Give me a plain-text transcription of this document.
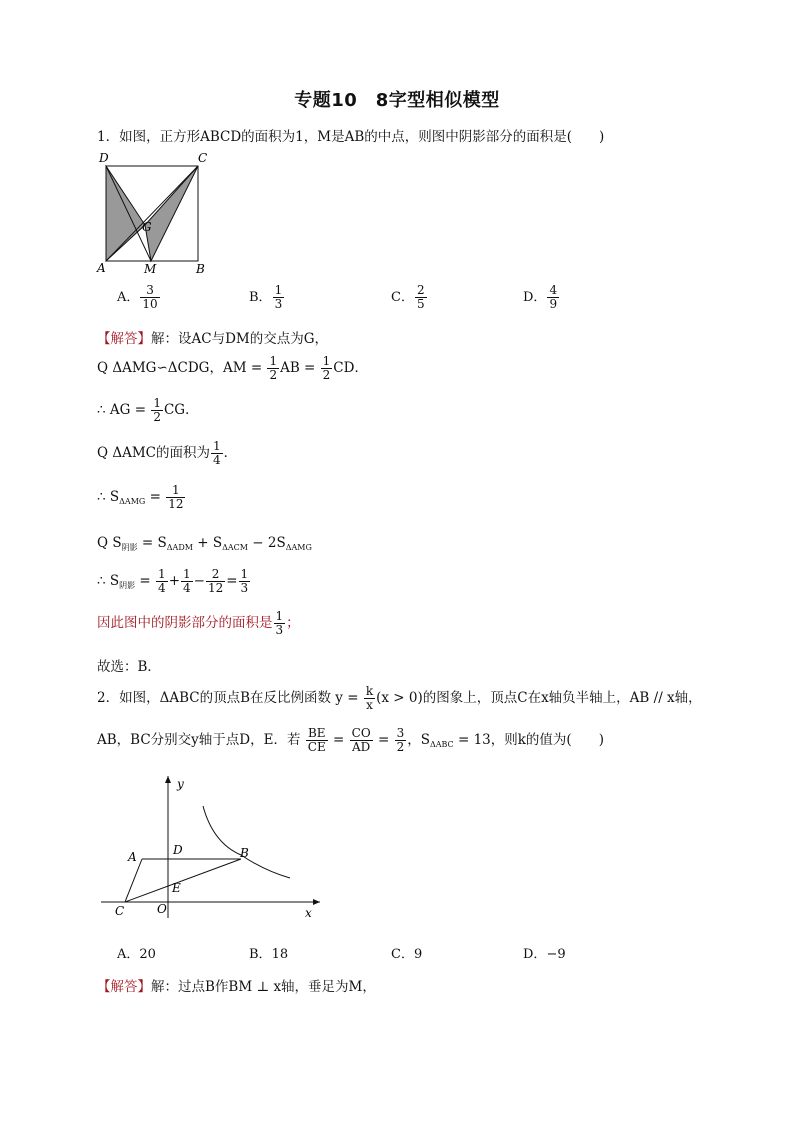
专题10　8字型相似模型
1．如图，正方形ABCD的面积为1，M是AB的中点，则图中阴影部分的面积是(　　)
D	C
A	M	B
G
A． $\frac{3}{10}$	B． $\frac{1}{3}$	C． $\frac{2}{5}$	D． $\frac{4}{9}$
【解答】解：设AC与DM的交点为G，
Q ΔAMG∽ΔCDG，AM = $\frac{1}{2}$ AB = $\frac{1}{2}$ CD．
∴ AG = $\frac{1}{2}$ CG．
Q ΔAMC的面积为 $\frac{1}{4}$ ．
∴ $S_{\Delta AMG} = \frac{1}{12}$
Q $S_{阴影} = S_{\Delta ADM} + S_{\Delta ACM} - 2S_{\Delta AMG}$
∴ $S_{阴影} = \frac{1}{4} + \frac{1}{4} - \frac{2}{12} = \frac{1}{3}$
因此图中的阴影部分的面积是 $\frac{1}{3}$ ；
故选：B．
2．如图，ΔABC的顶点B在反比例函数 $y = \frac{k}{x} (x > 0)$的图象上，顶点C在x轴负半轴上，AB // x轴，
AB，BC分别交y轴于点D，E．若 $\frac{BE}{CE} = \frac{CO}{AD} = \frac{3}{2}$ ，$S_{\Delta ABC} = 13$，则k的值为(　　)
y
x
A	D	B
E
C	O
A．20	B．18	C．9	D．−9
【解答】解：过点B作BM ⊥ x轴，垂足为M，
